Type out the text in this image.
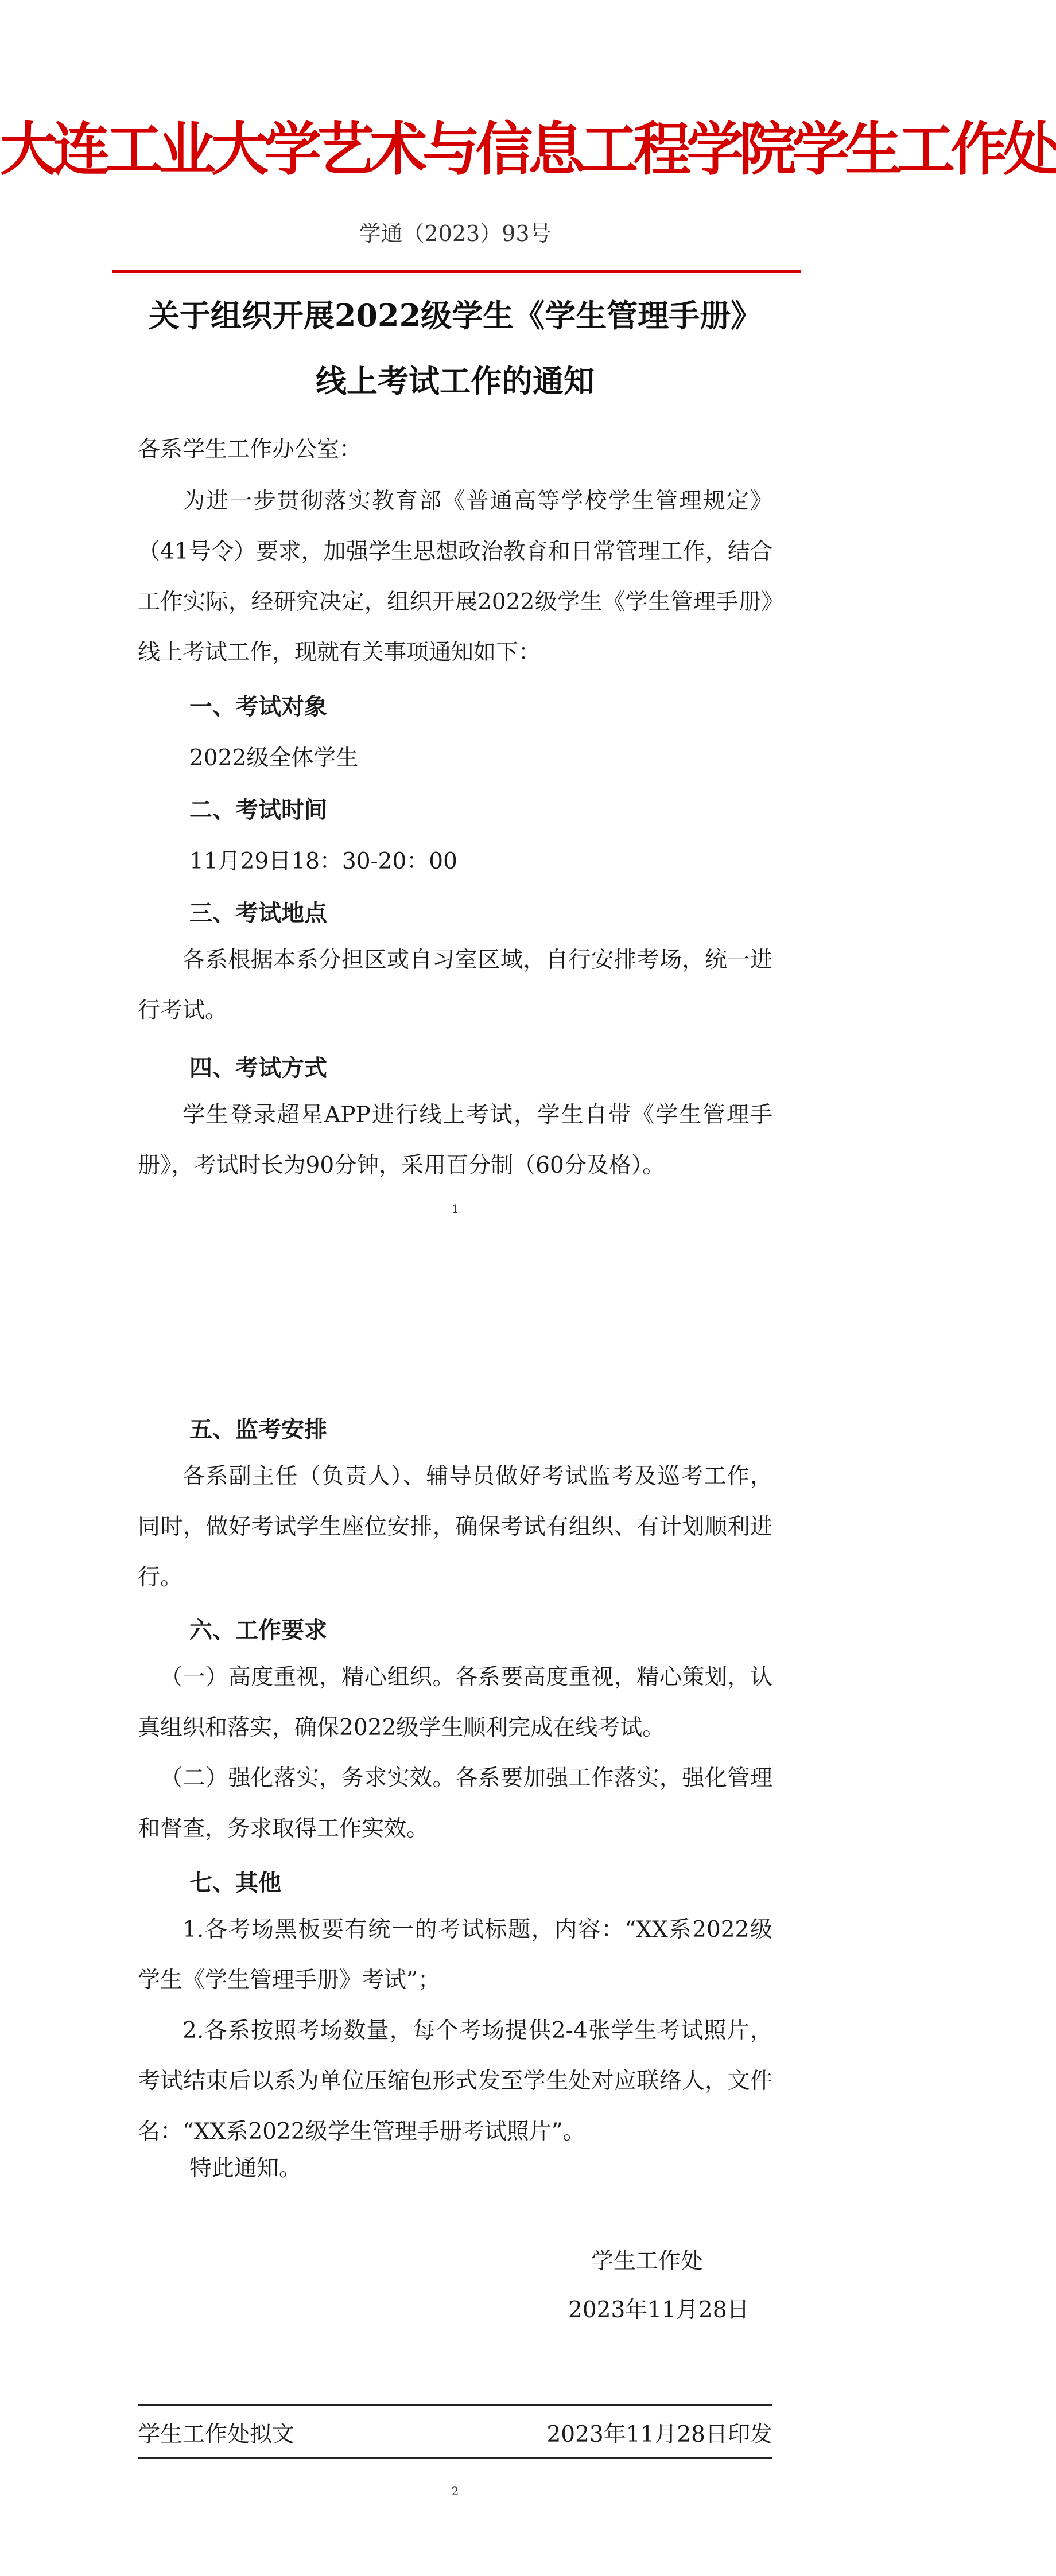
大连工业大学艺术与信息工程学院学生工作处
学通（2023）93号
关于组织开展2022级学生《学生管理手册》
线上考试工作的通知
各系学生工作办公室：

为进一步贯彻落实教育部《普通高等学校学生管理规定》（41号令）要求，加强学生思想政治教育和日常管理工作，结合工作实际，经研究决定，组织开展2022级学生《学生管理手册》线上考试工作，现就有关事项通知如下：

一、考试对象
2022级全体学生
二、考试时间
11月29日18：30-20：00
三、考试地点

各系根据本系分担区或自习室区域，自行安排考场，统一进行考试。

四、考试方式

学生登录超星APP进行线上考试，学生自带《学生管理手册》，考试时长为90分钟，采用百分制（60分及格）。

1
五、监考安排

各系副主任（负责人）、辅导员做好考试监考及巡考工作，同时，做好考试学生座位安排，确保考试有组织、有计划顺利进行。

六、工作要求

（一）高度重视，精心组织。各系要高度重视，精心策划，认真组织和落实，确保2022级学生顺利完成在线考试。

（二）强化落实，务求实效。各系要加强工作落实，强化管理和督查，务求取得工作实效。

七、其他

1.各考场黑板要有统一的考试标题，内容：“XX系2022级学生《学生管理手册》考试”；

2.各系按照考场数量，每个考场提供2-4张学生考试照片，考试结束后以系为单位压缩包形式发至学生处对应联络人，文件名：“XX系2022级学生管理手册考试照片”。

特此通知。
学生工作处
2023年11月28日
学生工作处拟文	2023年11月28日印发
2
